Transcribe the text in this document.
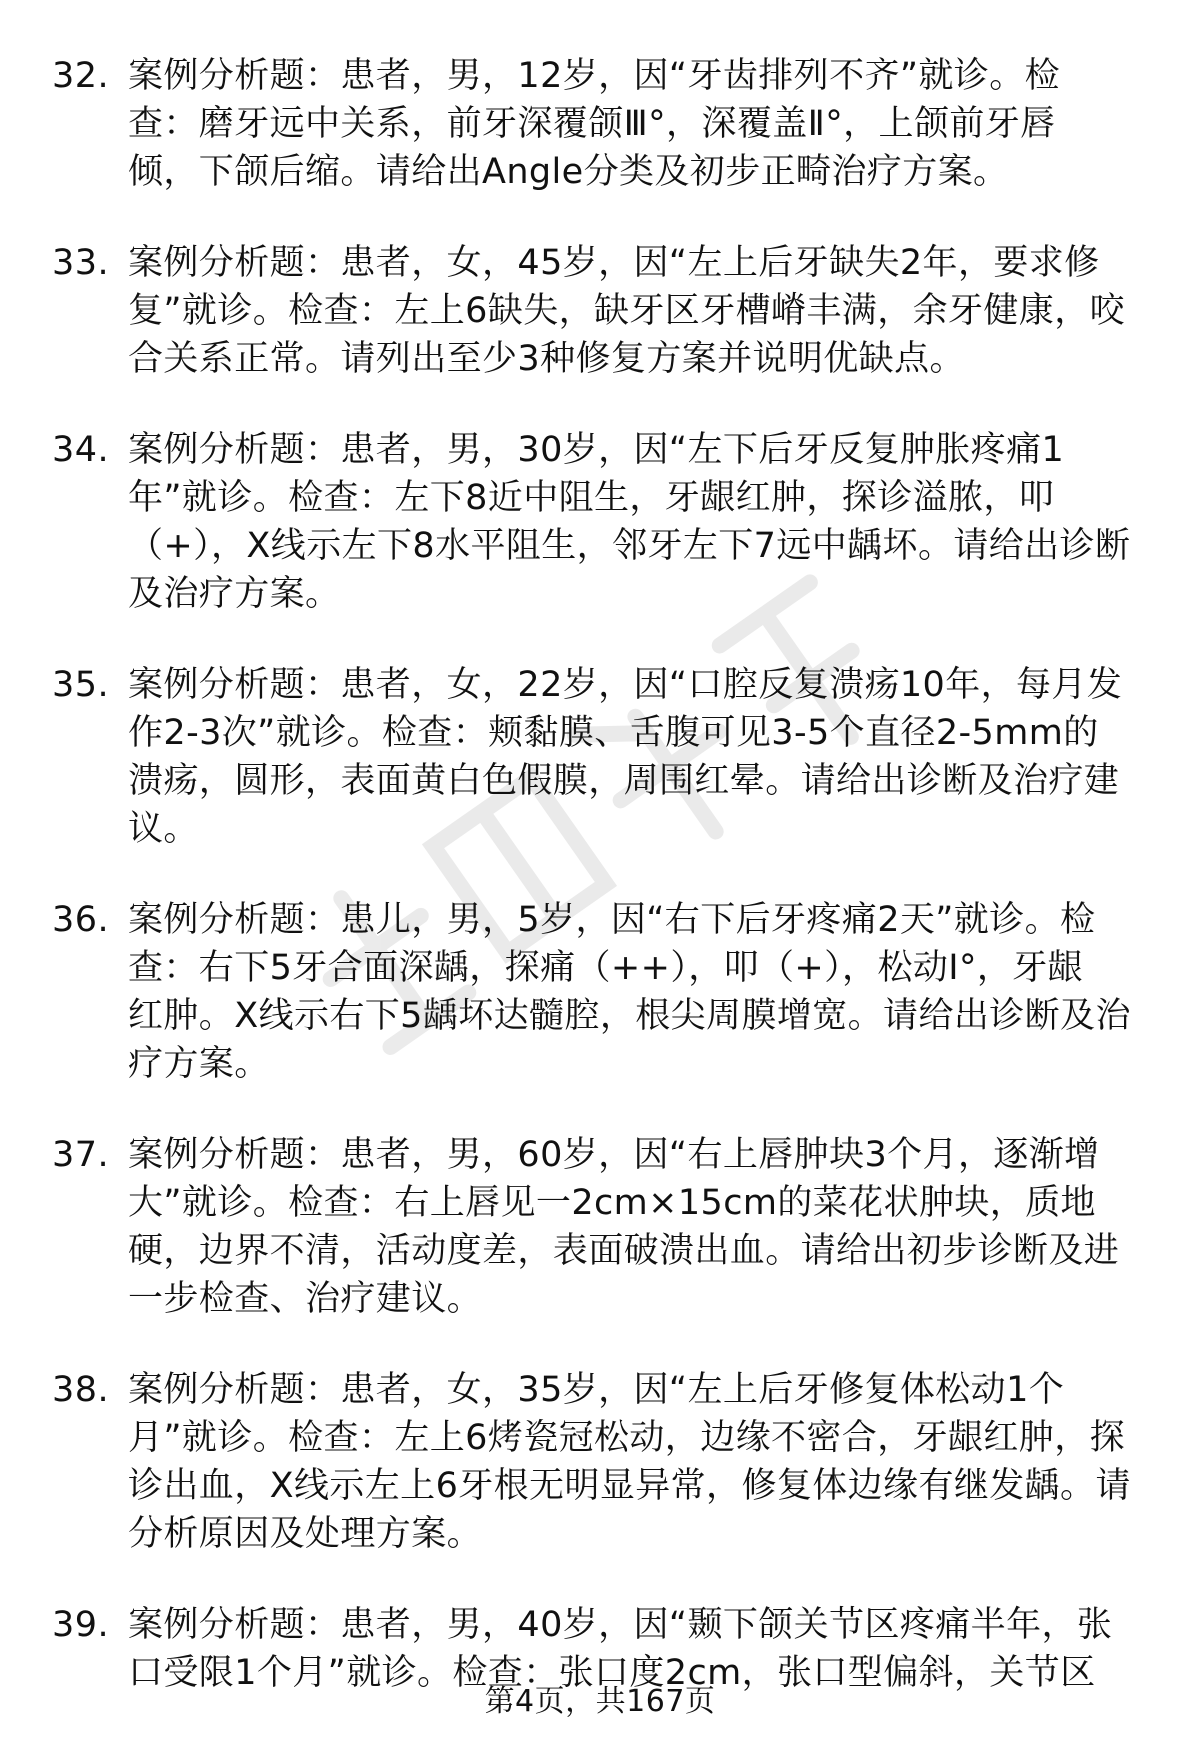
32. 案例分析题：患者，男，12岁，因“牙齿排列不齐”就诊。检
查：磨牙远中关系，前牙深覆颌Ⅲ°，深覆盖Ⅱ°，上颌前牙唇
倾，下颌后缩。请给出Angle分类及初步正畸治疗方案。
33. 案例分析题：患者，女，45岁，因“左上后牙缺失2年，要求修
复”就诊。检查：左上6缺失，缺牙区牙槽嵴丰满，余牙健康，咬
合关系正常。请列出至少3种修复方案并说明优缺点。
34. 案例分析题：患者，男，30岁，因“左下后牙反复肿胀疼痛1
年”就诊。检查：左下8近中阻生，牙龈红肿，探诊溢脓，叩
（+），X线示左下8水平阻生，邻牙左下7远中龋坏。请给出诊断
及治疗方案。
35. 案例分析题：患者，女，22岁，因“口腔反复溃疡10年，每月发
作2-3次”就诊。检查：颊黏膜、舌腹可见3-5个直径2-5mm的
溃疡，圆形，表面黄白色假膜，周围红晕。请给出诊断及治疗建
议。
36. 案例分析题：患儿，男，5岁，因“右下后牙疼痛2天”就诊。检
查：右下5牙合面深龋，探痛（++），叩（+），松动Ⅰ°，牙龈
红肿。X线示右下5龋坏达髓腔，根尖周膜增宽。请给出诊断及治
疗方案。
37. 案例分析题：患者，男，60岁，因“右上唇肿块3个月，逐渐增
大”就诊。检查：右上唇见一2cm×15cm的菜花状肿块，质地
硬，边界不清，活动度差，表面破溃出血。请给出初步诊断及进
一步检查、治疗建议。
38. 案例分析题：患者，女，35岁，因“左上后牙修复体松动1个
月”就诊。检查：左上6烤瓷冠松动，边缘不密合，牙龈红肿，探
诊出血，X线示左上6牙根无明显异常，修复体边缘有继发龋。请
分析原因及处理方案。
39. 案例分析题：患者，男，40岁，因“颞下颌关节区疼痛半年，张
口受限1个月”就诊。检查：张口度2cm，张口型偏斜，关节区
第4页，共167页
